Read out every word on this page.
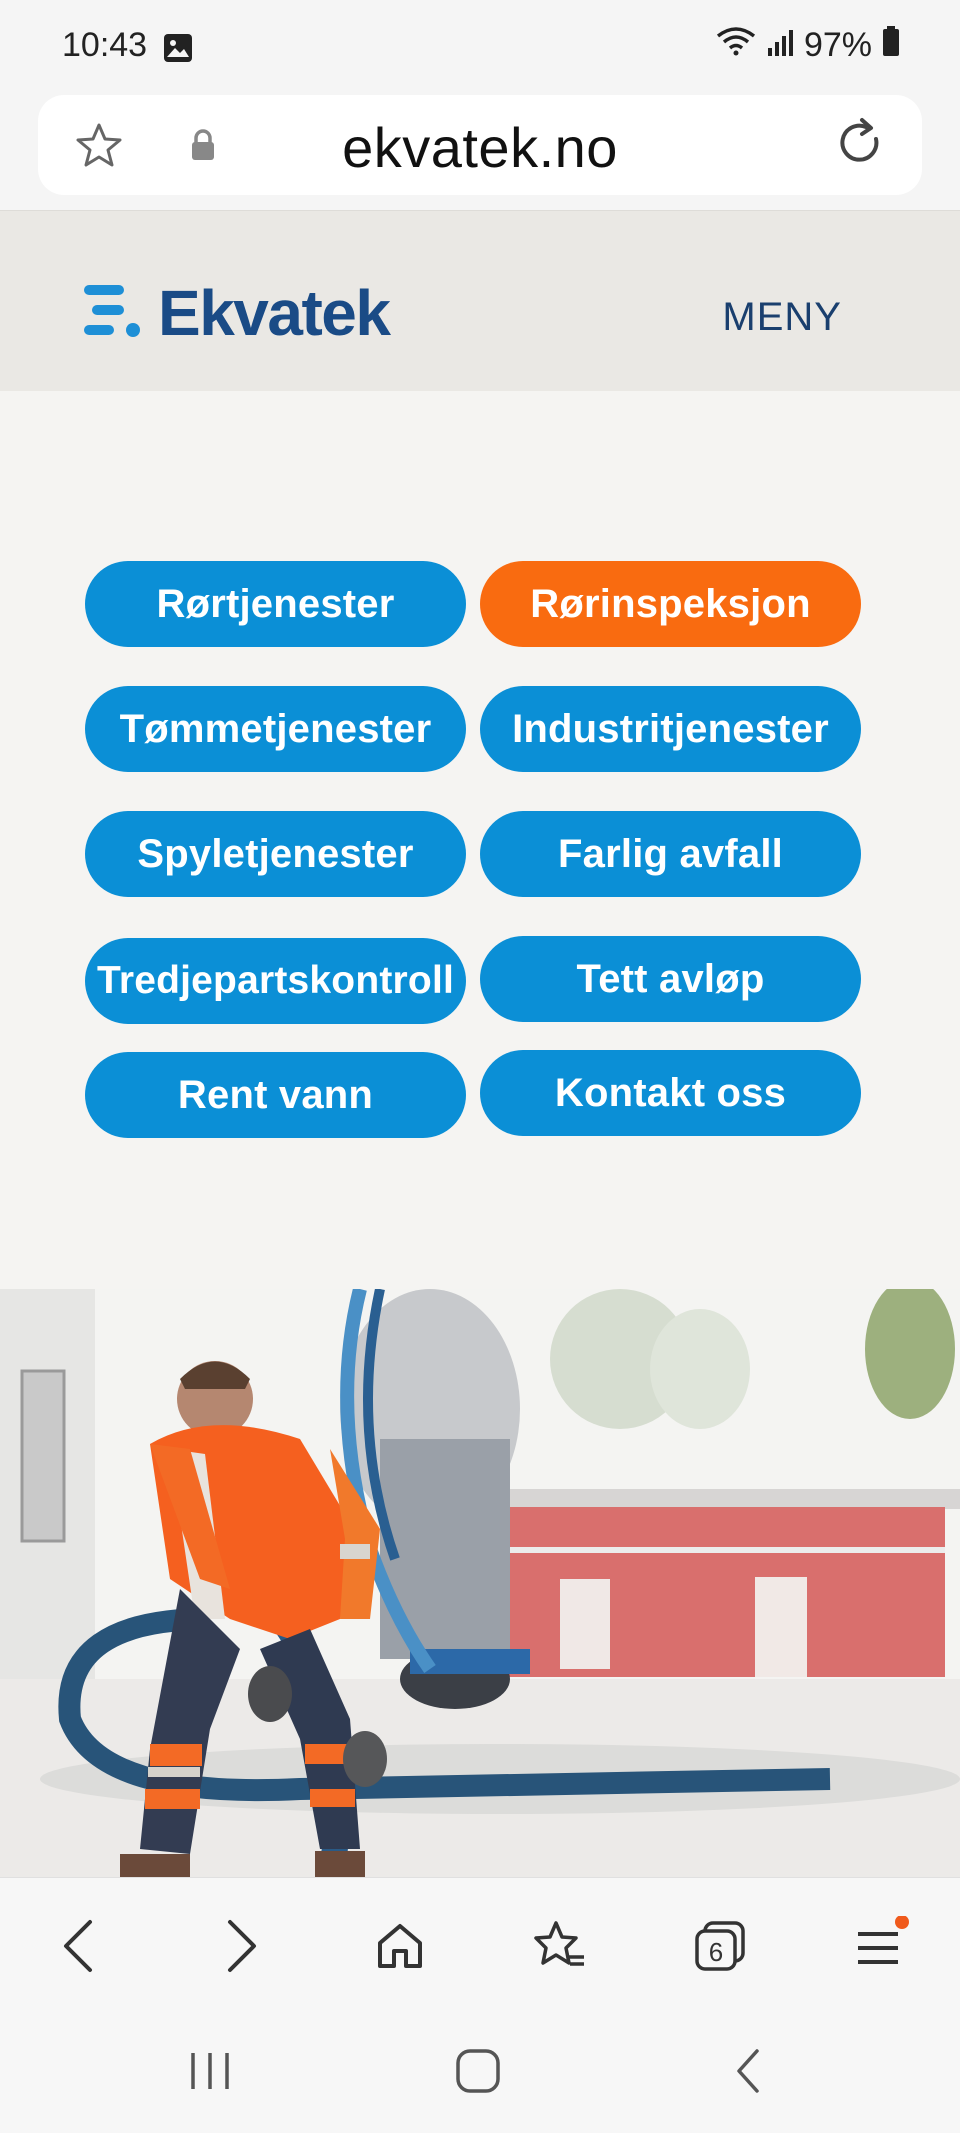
10:43	97%
ekvatek.no
Ekvatek	MENY
Rørtjenester	Rørinspeksjon
Tømmetjenester	Industritjenester
Spyletjenester	Farlig avfall
Tredjepartskontroll	Tett avløp
Rent vann	Kontakt oss
6
